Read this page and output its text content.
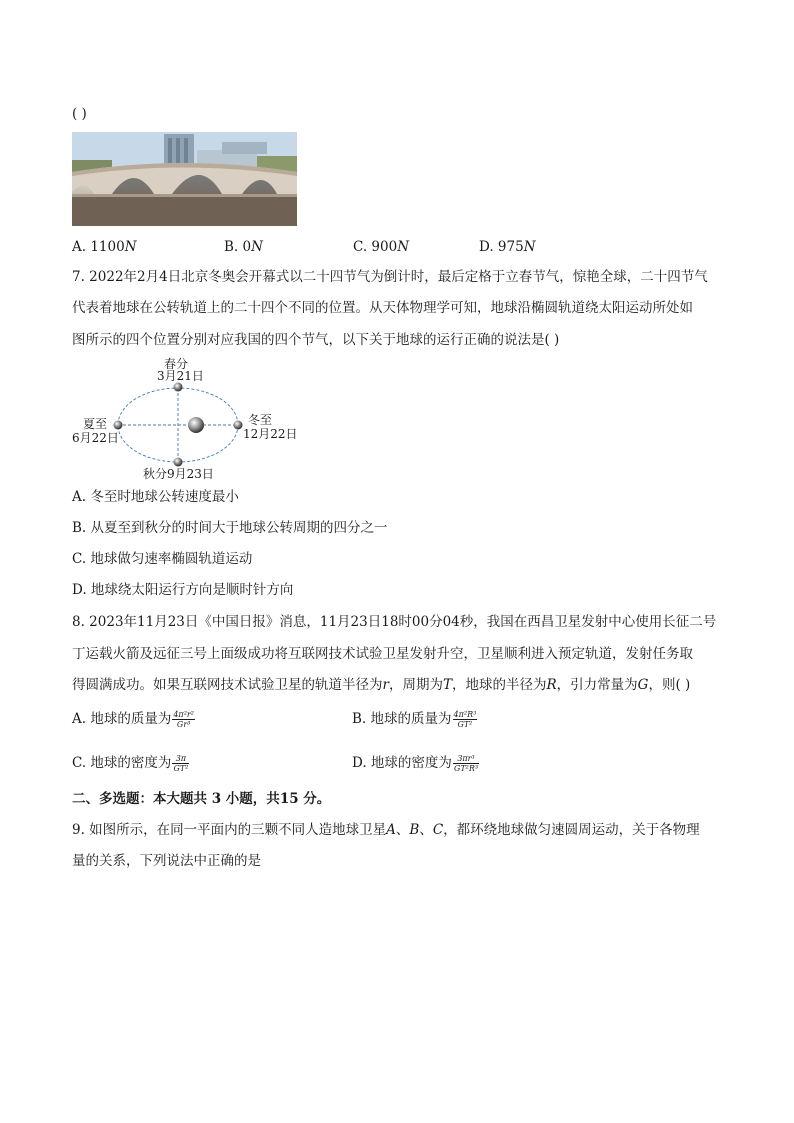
( )
A. 1100N	B. 0N	C. 900N	D. 975N
7. 2022年2月4日北京冬奥会开幕式以二十四节气为倒计时，最后定格于立春节气，惊艳全球，二十四节气
代表着地球在公转轨道上的二十四个不同的位置。从天体物理学可知，地球沿椭圆轨道绕太阳运动所处如
图所示的四个位置分别对应我国的四个节气，以下关于地球的运行正确的说法是( )
春分
3月21日
夏至
6月22日
冬至
12月22日
秋分9月23日
A. 冬至时地球公转速度最小
B. 从夏至到秋分的时间大于地球公转周期的四分之一
C. 地球做匀速率椭圆轨道运动
D. 地球绕太阳运行方向是顺时针方向
8. 2023年11月23日《中国日报》消息，11月23日18时00分04秒，我国在西昌卫星发射中心使用长征二号
丁运载火箭及远征三号上面级成功将互联网技术试验卫星发射升空，卫星顺利进入预定轨道，发射任务取
得圆满成功。如果互联网技术试验卫星的轨道半径为r，周期为T，地球的半径为R，引力常量为G，则( )
A. 地球的质量为 $\frac{\text{4π²r²}}{\text{Gr³}}$	B. 地球的质量为 $\frac{\text{4π²R³}}{\text{GT²}}$
C. 地球的密度为 $\frac{3\pi}{\text{GT²}}$	D. 地球的密度为 $\frac{\text{3πr³}}{\text{GT²R³}}$
二、多选题：本大题共 3 小题，共15 分。
9. 如图所示，在同一平面内的三颗不同人造地球卫星A、B、C，都环绕地球做匀速圆周运动，关于各物理
量的关系，下列说法中正确的是
